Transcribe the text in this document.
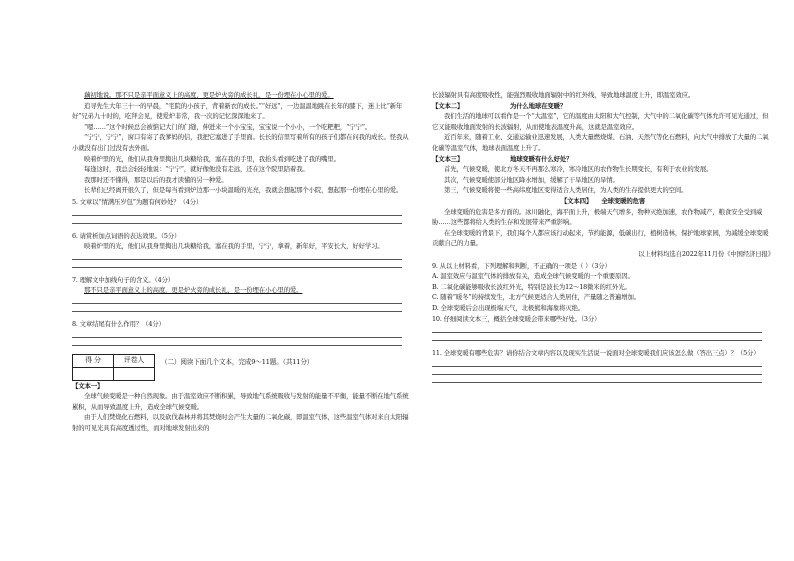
藕初地说。那不只是亲平面意义上的高度，更是炉火旁的成长礼，是一份埋在小心里的爱。

追寻先生大年三十一的早晨，“宅院的小孩子，背着新衣的成长。”“好远”，一边温温地跳在长年的膝下，迷上比“新年好”兄弟九十时的，吃拜会见，使爱炉非常，我一次的记忆深深地来了。

“嗯……”这个时候总会被惦记大门的门缝，伸进来一个小宝宝，宝宝说一个小小，一个吃粑粑，“宁宁”。

“宁宁，宁宁”，窗口有寄了我爹妈的信，我把它塞进了手里面。长长的信里写着所有的孩子们都在问我的成长。怪我从小就没有出门过没有去外面。

映着炉里的光，他们从我身里掏出几块糖给我，塞在我的手里，我抬头看到吃进了我的嘴里。

每逢这时，我总会轻轻地说：“宁宁”，就好像他没有走远，还在这个院里陪着我。

我那时还不懂得，那是以后的我才读懂的另一种爱。

长辈们已经离开很久了，但是每当看到炉边那一小块温暖的光亮，我就会想起那个小院，想起那一份埋在心里的爱。

5. 文章以“情满压岁包”为题有何妙处？（4分）

6. 请赏析加点词语的表达效果。（5分）

映着炉里的光，他们从我身里掏出几块糖给我，塞在我的手里，宁宁，拿着，新年好，平安长大，好好学习。

7. 理解文中加线句子的含义。（4分）

那不只是亲平面意义上的高度，更是炉火旁的成长礼，是一份埋在小心里的爱。

8. 文章结尾有什么作用？（4分）

得 分	评卷人
		（二）阅读下面几个文本，完成9～11题。（共11分）

【文本一】

全球气候变暖是一种自然现象。由于温室效应不断积累，导致地气系统吸收与发射的能量不平衡，能量不断在地气系统累积，从而导致温度上升，造成全球气候变暖。

由于人们焚烧化石燃料，以及砍伐森林并将其焚烧时会产生大量的二氧化碳，即温室气体，这些温室气体对来自太阳辐射的可见光具有高度透过性，而对地球发射出来的

长波辐射具有高度吸收性，能强烈吸收地面辐射中的红外线，导致地球温度上升，即温室效应。

【文本二】　　　　　　　　	为什么地球在变暖？

我们生活的地球可以看作是一个“大温室”，它的温度由太阳和大气控制，大气中的二氧化碳等气体允许可见光通过，但它又能吸收地面发射的长波辐射，从而使地表温度升高，这就是温室效应。

近百年来，随着工业、交通运输业迅速发展，人类大量燃烧煤、石油、天然气等化石燃料，向大气中排放了大量的二氧化碳等温室气体，地球表面温度上升了。

【文本三】　　　　　　　　	地球变暖有什么好处？

首先，气候变暖，使北方冬天不再那么寒冷，寒冷地区的农作物生长期变长，有利于农业的发展。

其次，气候变暖使部分地区降水增加，缓解了干旱地区的旱情。

第三，气候变暖将使一些高纬度地区变得适合人类居住，为人类的生存提供更大的空间。

【文本四】　　 全球变暖的危害

全球变暖的危害是多方面的。冰川融化，海平面上升，极端天气增多，物种灭绝加速，农作物减产，粮食安全受到威胁……这些都将给人类的生存和发展带来严重影响。

在全球变暖的背景下，我们每个人都应该行动起来，节约能源，低碳出行，植树造林，保护地球家园，为减缓全球变暖贡献自己的力量。

以上材料均选自2022年11月份《中国经济日报》

9. 从以上材料看，下列理解和判断，不正确的一项是（ ）（3分）

A. 温室效应与温室气体的排放有关，造成全球气候变暖的一个重要原因。

B. 二氧化碳能够吸收长波红外光，特别是波长为12～18微米的红外光。

C. 随着“暖冬”的持续发生，北方气候更适合人类居住，产量随之普遍增加。

D. 全球变暖后会出现极端天气，北极熊和海象将灭绝。

10. 仔细阅读文本三，概括全球变暖会带来哪些好处。（3分）

11. 全球变暖有哪些危害？请你结合文章内容以及现实生活说一说面对全球变暖我们应该怎么做（答出三点）？（5分）
